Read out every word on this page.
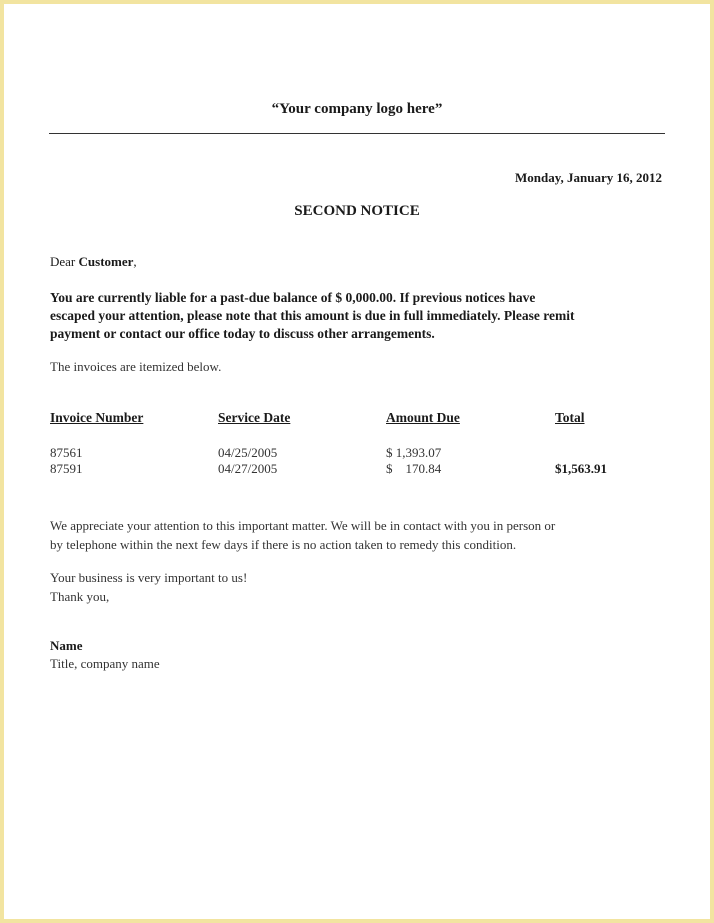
“Your company logo here”
Monday, January 16, 2012
SECOND NOTICE
Dear Customer,
You are currently liable for a past-due balance of $ 0,000.00. If previous notices have
escaped your attention, please note that this amount is due in full immediately. Please remit
payment or contact our office today to discuss other arrangements.
The invoices are itemized below.
Invoice Number	Service Date	Amount Due	Total
87561	04/25/2005	$ 1,393.07
87591	04/27/2005	$    170.84	$1,563.91
We appreciate your attention to this important matter. We will be in contact with you in person or
by telephone within the next few days if there is no action taken to remedy this condition.
Your business is very important to us!
Thank you,
Name
Title, company name
